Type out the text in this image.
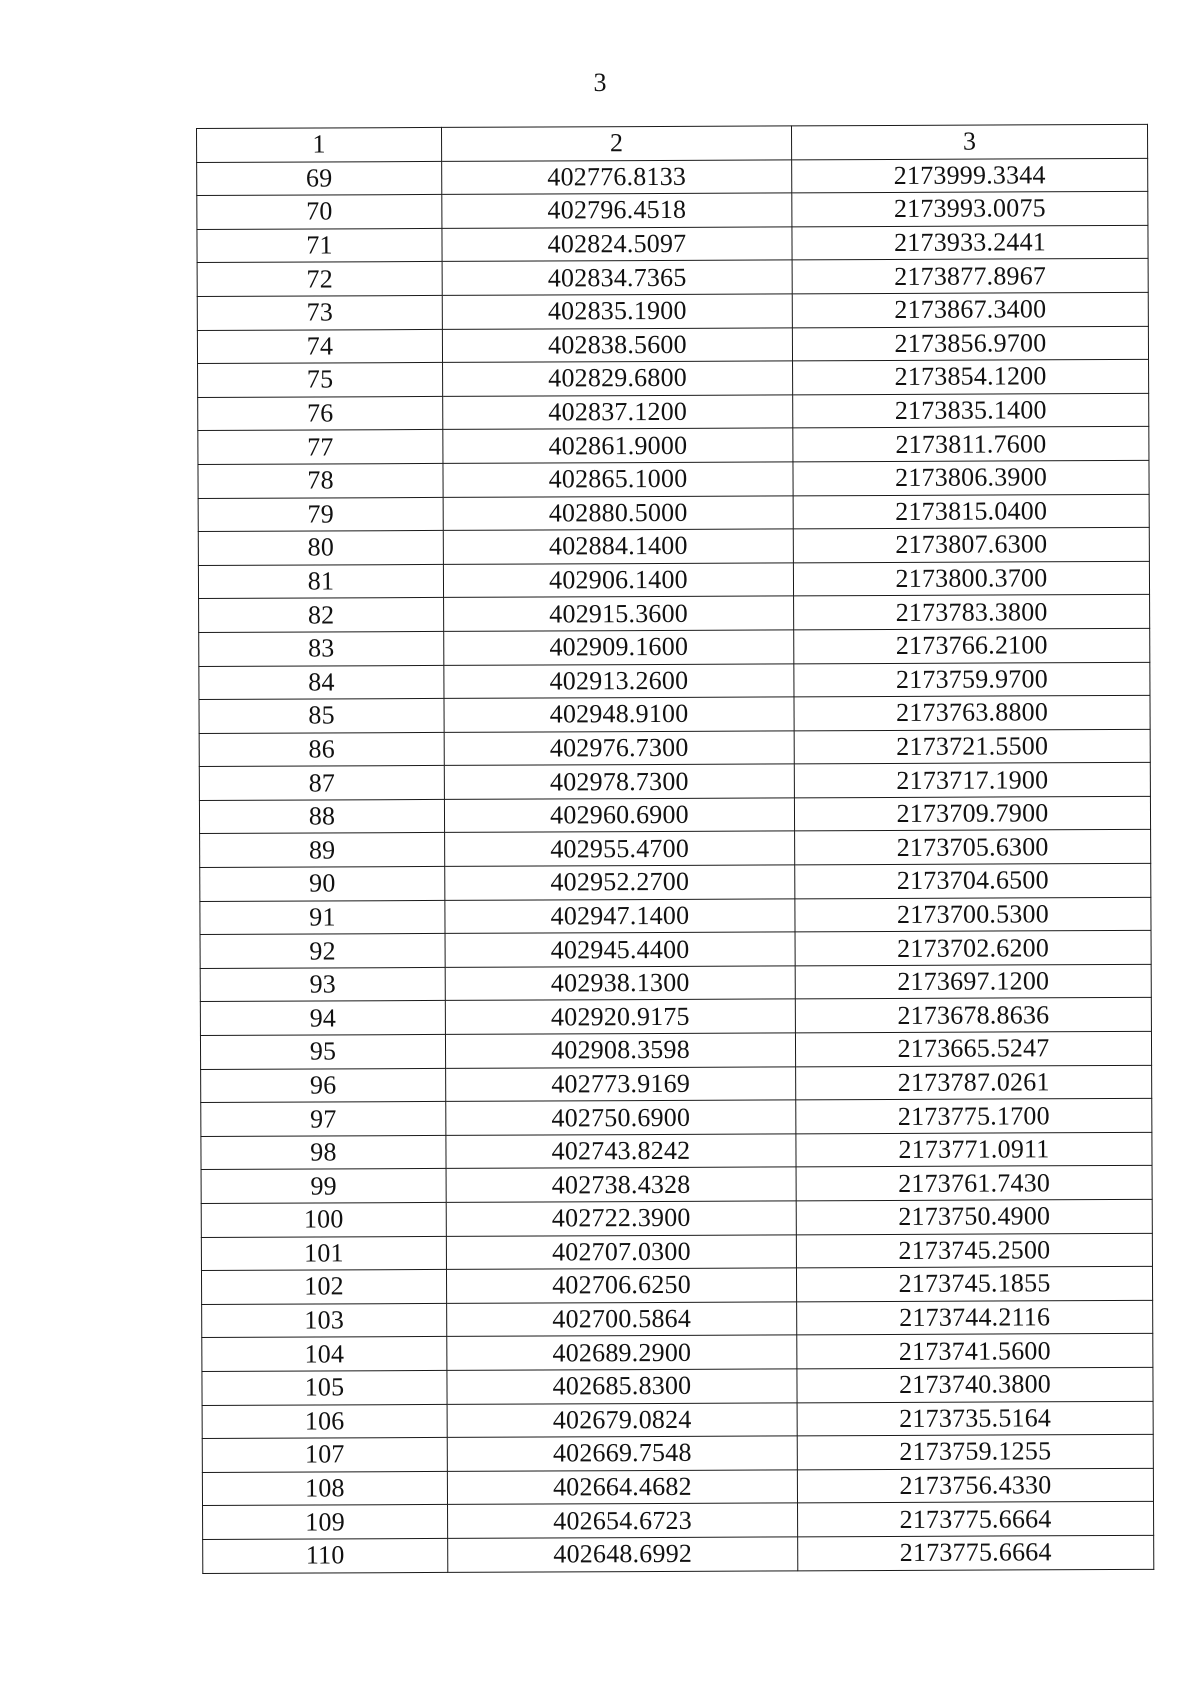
3
1	2	3
69	402776.8133	2173999.3344
70	402796.4518	2173993.0075
71	402824.5097	2173933.2441
72	402834.7365	2173877.8967
73	402835.1900	2173867.3400
74	402838.5600	2173856.9700
75	402829.6800	2173854.1200
76	402837.1200	2173835.1400
77	402861.9000	2173811.7600
78	402865.1000	2173806.3900
79	402880.5000	2173815.0400
80	402884.1400	2173807.6300
81	402906.1400	2173800.3700
82	402915.3600	2173783.3800
83	402909.1600	2173766.2100
84	402913.2600	2173759.9700
85	402948.9100	2173763.8800
86	402976.7300	2173721.5500
87	402978.7300	2173717.1900
88	402960.6900	2173709.7900
89	402955.4700	2173705.6300
90	402952.2700	2173704.6500
91	402947.1400	2173700.5300
92	402945.4400	2173702.6200
93	402938.1300	2173697.1200
94	402920.9175	2173678.8636
95	402908.3598	2173665.5247
96	402773.9169	2173787.0261
97	402750.6900	2173775.1700
98	402743.8242	2173771.0911
99	402738.4328	2173761.7430
100	402722.3900	2173750.4900
101	402707.0300	2173745.2500
102	402706.6250	2173745.1855
103	402700.5864	2173744.2116
104	402689.2900	2173741.5600
105	402685.8300	2173740.3800
106	402679.0824	2173735.5164
107	402669.7548	2173759.1255
108	402664.4682	2173756.4330
109	402654.6723	2173775.6664
110	402648.6992	2173775.6664
